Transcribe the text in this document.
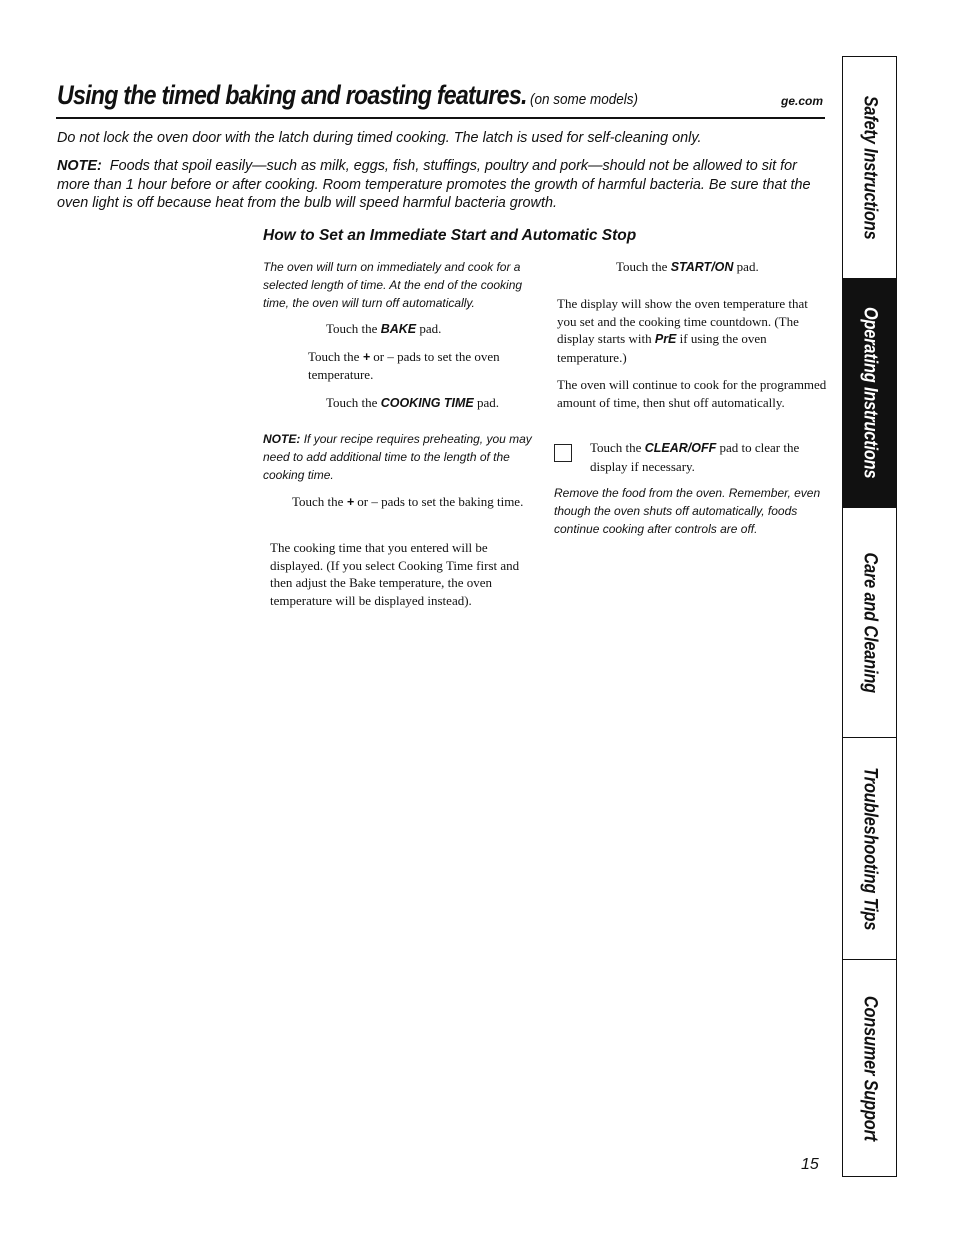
Using the timed baking and roasting features. (on some models)	ge.com
Do not lock the oven door with the latch during timed cooking. The latch is used for self-cleaning only.
NOTE: Foods that spoil easily—such as milk, eggs, fish, stuffings, poultry and pork—should not be allowed to sit for more than 1 hour before or after cooking. Room temperature promotes the growth of harmful bacteria. Be sure that the oven light is off because heat from the bulb will speed harmful bacteria growth.
How to Set an Immediate Start and Automatic Stop
The oven will turn on immediately and cook for a selected length of time. At the end of the cooking time, the oven will turn off automatically.
Touch the BAKE pad.
Touch the + or – pads to set the oven temperature.
Touch the COOKING TIME pad.
NOTE: If your recipe requires preheating, you may need to add additional time to the length of the cooking time.
Touch the + or – pads to set the baking time.
The cooking time that you entered will be displayed. (If you select Cooking Time first and then adjust the Bake temperature, the oven temperature will be displayed instead).
Touch the START/ON pad.
The display will show the oven temperature that you set and the cooking time countdown. (The display starts with PrE if using the oven temperature.)
The oven will continue to cook for the programmed amount of time, then shut off automatically.
Touch the CLEAR/OFF pad to clear the display if necessary.
Remove the food from the oven. Remember, even though the oven shuts off automatically, foods continue cooking after controls are off.
Safety Instructions
Operating Instructions
Care and Cleaning
Troubleshooting Tips
Consumer Support
15
